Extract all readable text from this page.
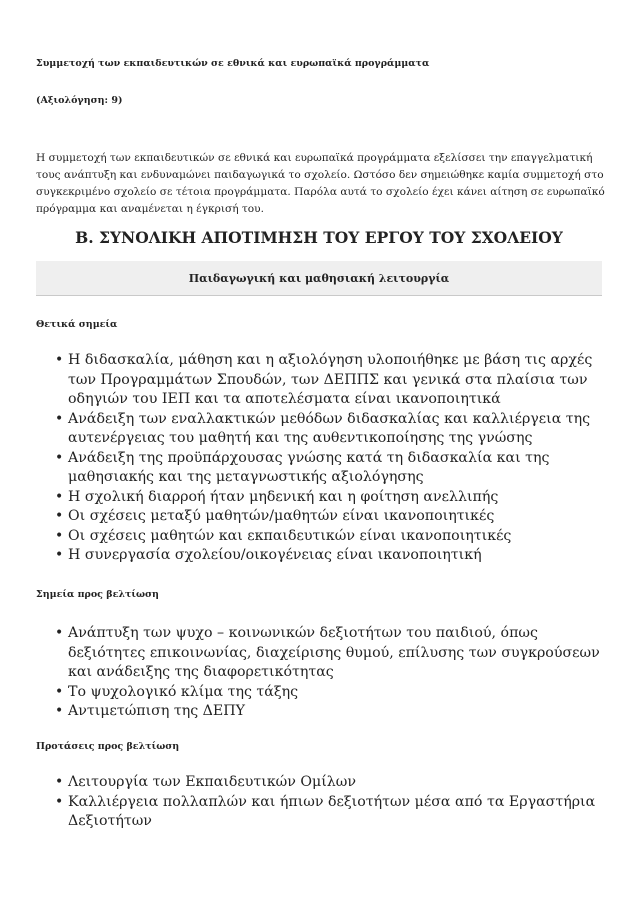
Συμμετοχή των εκπαιδευτικών σε εθνικά και ευρωπαϊκά προγράμματα
(Αξιολόγηση: 9)
Η συμμετοχή των εκπαιδευτικών σε εθνικά και ευρωπαϊκά προγράμματα εξελίσσει την επαγγελματική τους ανάπτυξη και ενδυναμώνει παιδαγωγικά το σχολείο. Ωστόσο δεν σημειώθηκε καμία συμμετοχή στο συγκεκριμένο σχολείο σε τέτοια προγράμματα. Παρόλα αυτά το σχολείο έχει κάνει αίτηση σε ευρωπαϊκό πρόγραμμα και αναμένεται η έγκρισή του.
Β. ΣΥΝΟΛΙΚΗ ΑΠΟΤΙΜΗΣΗ ΤΟΥ ΕΡΓΟΥ ΤΟΥ ΣΧΟΛΕΙΟΥ
Παιδαγωγική και μαθησιακή λειτουργία
Θετικά σημεία
• Η διδασκαλία, μάθηση και η αξιολόγηση υλοποιήθηκε με βάση τις αρχές των Προγραμμάτων Σπουδών, των ΔΕΠΠΣ και γενικά στα πλαίσια των οδηγιών του ΙΕΠ και τα αποτελέσματα είναι ικανοποιητικά
• Ανάδειξη των εναλλακτικών μεθόδων διδασκαλίας και καλλιέργεια της αυτενέργειας του μαθητή και της αυθεντικοποίησης της γνώσης
• Ανάδειξη της προϋπάρχουσας γνώσης κατά τη διδασκαλία και της μαθησιακής και της μεταγνωστικής αξιολόγησης
• Η σχολική διαρροή ήταν μηδενική και η φοίτηση ανελλιπής
• Οι σχέσεις μεταξύ μαθητών/μαθητών είναι ικανοποιητικές
• Οι σχέσεις μαθητών και εκπαιδευτικών είναι ικανοποιητικές
• Η συνεργασία σχολείου/οικογένειας είναι ικανοποιητική
Σημεία προς βελτίωση
• Ανάπτυξη των ψυχο – κοινωνικών δεξιοτήτων του παιδιού, όπως δεξιότητες επικοινωνίας, διαχείρισης θυμού, επίλυσης των συγκρούσεων και ανάδειξης της διαφορετικότητας
• Το ψυχολογικό κλίμα της τάξης
• Αντιμετώπιση της ΔΕΠΥ
Προτάσεις προς βελτίωση
• Λειτουργία των Εκπαιδευτικών Ομίλων
• Καλλιέργεια πολλαπλών και ήπιων δεξιοτήτων μέσα από τα Εργαστήρια Δεξιοτήτων
